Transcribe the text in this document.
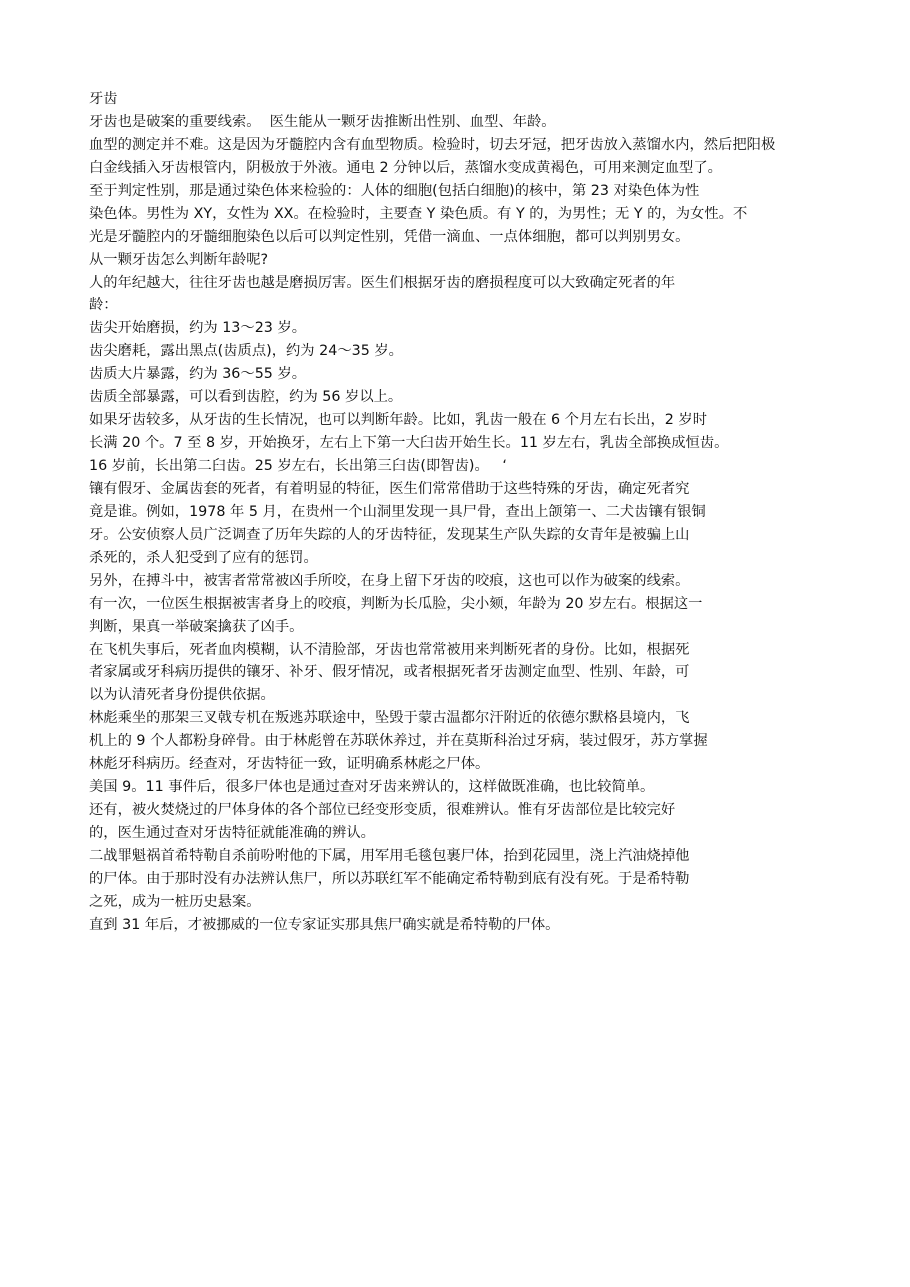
牙齿
牙齿也是破案的重要线索。  医生能从一颗牙齿推断出性别、血型、年龄。
血型的测定并不难。这是因为牙髓腔内含有血型物质。检验时，切去牙冠，把牙齿放入蒸馏水内，然后把阳极
白金线插入牙齿根管内，阴极放于外液。通电 2 分钟以后，蒸馏水变成黄褐色，可用来测定血型了。
至于判定性别，那是通过染色体来检验的：人体的细胞(包括白细胞)的核中，第 23 对染色体为性
染色体。男性为 XY，女性为 XX。在检验时，主要查 Y 染色质。有 Y 的，为男性；无 Y 的，为女性。不
光是牙髓腔内的牙髓细胞染色以后可以判定性别，凭借一滴血、一点体细胞，都可以判别男女。
从一颗牙齿怎么判断年龄呢?
人的年纪越大，往往牙齿也越是磨损厉害。医生们根据牙齿的磨损程度可以大致确定死者的年
龄：
齿尖开始磨损，约为 13～23 岁。
齿尖磨耗，露出黑点(齿质点)，约为 24～35 岁。
齿质大片暴露，约为 36～55 岁。
齿质全部暴露，可以看到齿腔，约为 56 岁以上。
如果牙齿较多，从牙齿的生长情况，也可以判断年龄。比如，乳齿一般在 6 个月左右长出，2 岁时
长满 20 个。7 至 8 岁，开始换牙，左右上下第一大臼齿开始生长。11 岁左右，乳齿全部换成恒齿。
16 岁前，长出第二臼齿。25 岁左右，长出第三臼齿(即智齿)。   ‘
镶有假牙、金属齿套的死者，有着明显的特征，医生们常常借助于这些特殊的牙齿，确定死者究
竟是谁。例如，1978 年 5 月，在贵州一个山洞里发现一具尸骨，查出上颌第一、二犬齿镶有银铜
牙。公安侦察人员广泛调查了历年失踪的人的牙齿特征，发现某生产队失踪的女青年是被骗上山
杀死的，杀人犯受到了应有的惩罚。
另外，在搏斗中，被害者常常被凶手所咬，在身上留下牙齿的咬痕，这也可以作为破案的线索。
有一次，一位医生根据被害者身上的咬痕，判断为长瓜脸，尖小颏，年龄为 20 岁左右。根据这一
判断，果真一举破案擒获了凶手。
在飞机失事后，死者血肉模糊，认不清脸部，牙齿也常常被用来判断死者的身份。比如，根据死
者家属或牙科病历提供的镶牙、补牙、假牙情况，或者根据死者牙齿测定血型、性别、年龄，可
以为认清死者身份提供依据。
林彪乘坐的那架三叉戟专机在叛逃苏联途中，坠毁于蒙古温都尔汗附近的依德尔默格县境内，飞
机上的 9 个人都粉身碎骨。由于林彪曾在苏联休养过，并在莫斯科治过牙病，装过假牙，苏方掌握
林彪牙科病历。经查对，牙齿特征一致，证明确系林彪之尸体。
美国 9。11 事件后，很多尸体也是通过查对牙齿来辨认的，这样做既准确，也比较简单。
还有，被火焚烧过的尸体身体的各个部位已经变形变质，很难辨认。惟有牙齿部位是比较完好
的，医生通过查对牙齿特征就能准确的辨认。
二战罪魁祸首希特勒自杀前吩咐他的下属，用军用毛毯包裹尸体，抬到花园里，浇上汽油烧掉他
的尸体。由于那时没有办法辨认焦尸，所以苏联红军不能确定希特勒到底有没有死。于是希特勒
之死，成为一桩历史悬案。
直到 31 年后，才被挪威的一位专家证实那具焦尸确实就是希特勒的尸体。
